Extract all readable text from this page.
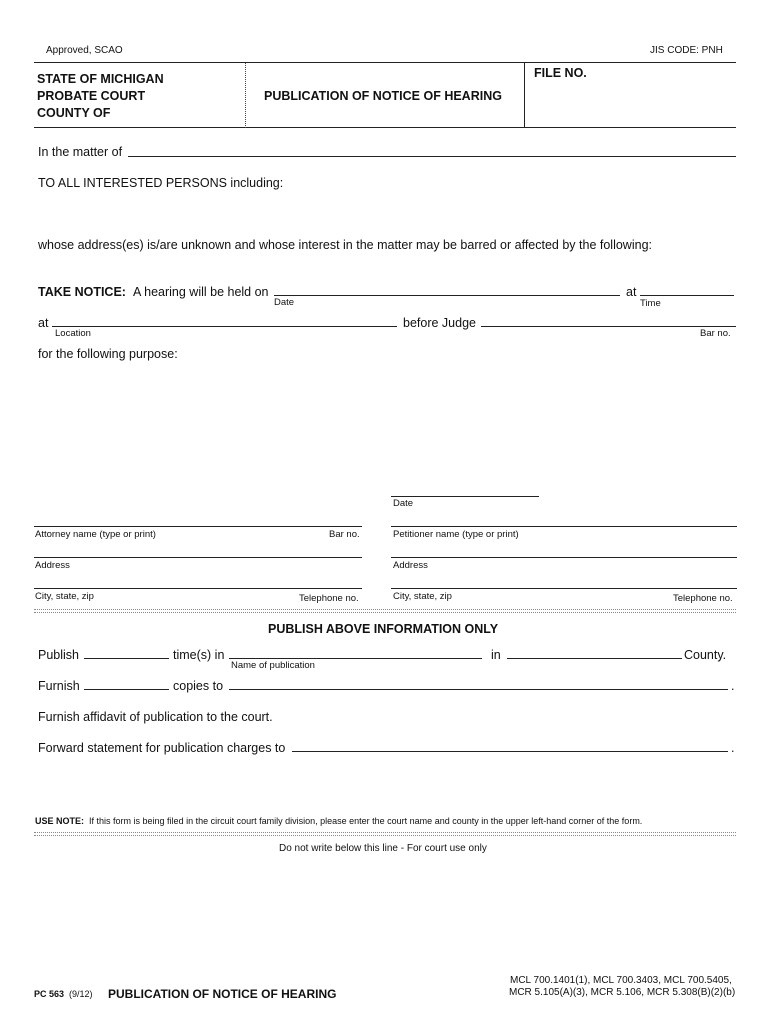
Approved, SCAO	JIS CODE: PNH
STATE OF MICHIGAN
PROBATE COURT
COUNTY OF
PUBLICATION OF NOTICE OF HEARING
FILE NO.
In the matter of
TO ALL INTERESTED PERSONS including:
whose address(es) is/are unknown and whose interest in the matter may be barred or affected by the following:
TAKE NOTICE: A hearing will be held on	at
Date	Time
at	before Judge
Location	Bar no.
for the following purpose:
Date
Attorney name (type or print)	Bar no.	Petitioner name (type or print)
Address	Address
City, state, zip	Telephone no.	City, state, zip	Telephone no.
PUBLISH ABOVE INFORMATION ONLY
Publish	time(s) in	in	County.
Name of publication
Furnish	copies to	.
Furnish affidavit of publication to the court.
Forward statement for publication charges to	.
USE NOTE: If this form is being filed in the circuit court family division, please enter the court name and county in the upper left-hand corner of the form.
Do not write below this line - For court use only
PC 563 (9/12) PUBLICATION OF NOTICE OF HEARING
MCL 700.1401(1), MCL 700.3403, MCL 700.5405,
MCR 5.105(A)(3), MCR 5.106, MCR 5.308(B)(2)(b)
